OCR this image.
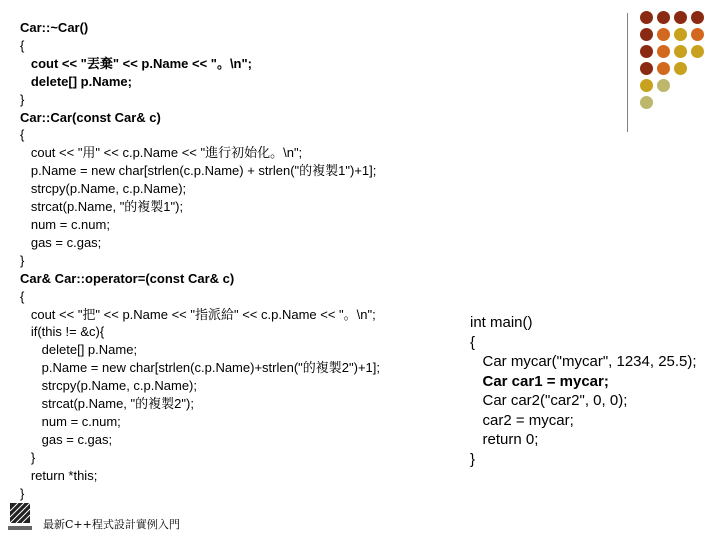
Car::~Car()
{
cout << "丟棄" << p.Name << "。\n";
delete[] p.Name;
}
Car::Car(const Car& c)
{
cout << "用" << c.p.Name << "進行初始化。\n";
p.Name = new char[strlen(c.p.Name) + strlen("的複製1")+1];
strcpy(p.Name, c.p.Name);
strcat(p.Name, "的複製1");
num = c.num;
gas = c.gas;
}
Car& Car::operator=(const Car& c)
{
cout << "把" << p.Name << "指派給" << c.p.Name << "。\n";
if(this != &c){
delete[] p.Name;
p.Name = new char[strlen(c.p.Name)+strlen("的複製2")+1];
strcpy(p.Name, c.p.Name);
strcat(p.Name, "的複製2");
num = c.num;
gas = c.gas;
}
return *this;
}
int main()
{
Car mycar("mycar", 1234, 25.5);
Car car1 = mycar;
Car car2("car2", 0, 0);
car2 = mycar;
return 0;
}
最新C++程式設計實例入門
